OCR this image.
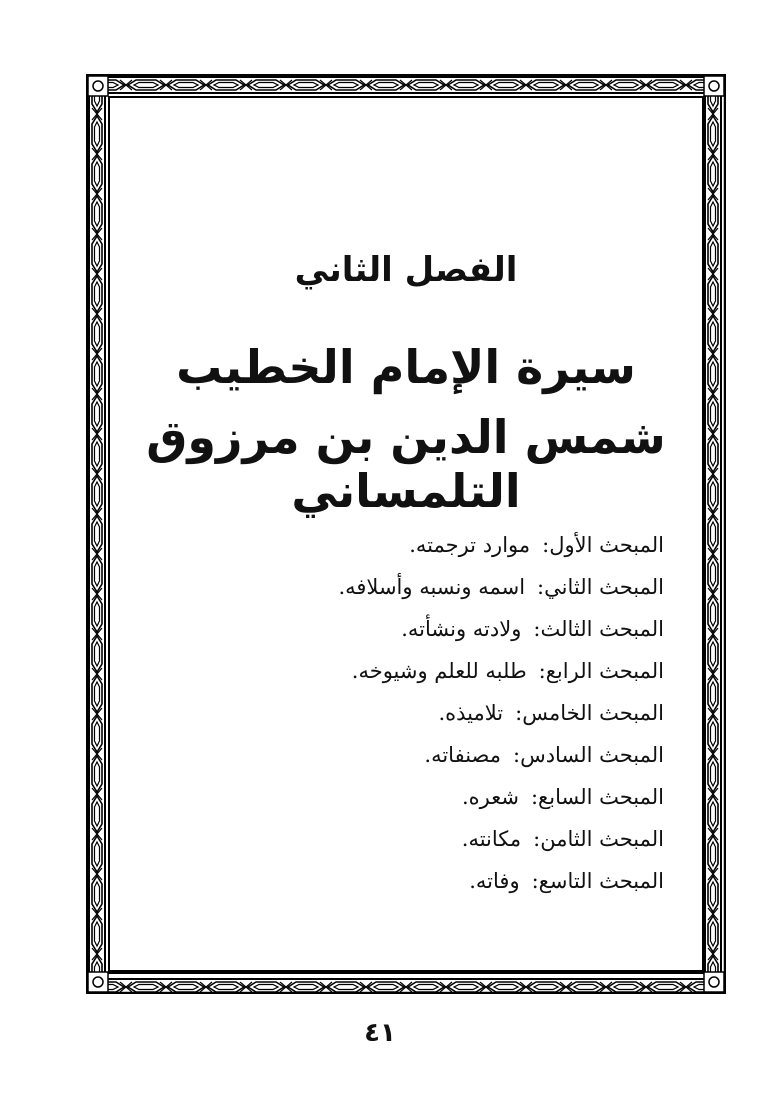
الفصل الثاني
سيرة الإمام الخطيب
شمس الدين بن مرزوق التلمساني
المبحث الأول:موارد ترجمته.
المبحث الثاني:اسمه ونسبه وأسلافه.
المبحث الثالث:ولادته ونشأته.
المبحث الرابع:طلبه للعلم وشيوخه.
المبحث الخامس:تلاميذه.
المبحث السادس:مصنفاته.
المبحث السابع:شعره.
المبحث الثامن:مكانته.
المبحث التاسع:وفاته.
٤١
